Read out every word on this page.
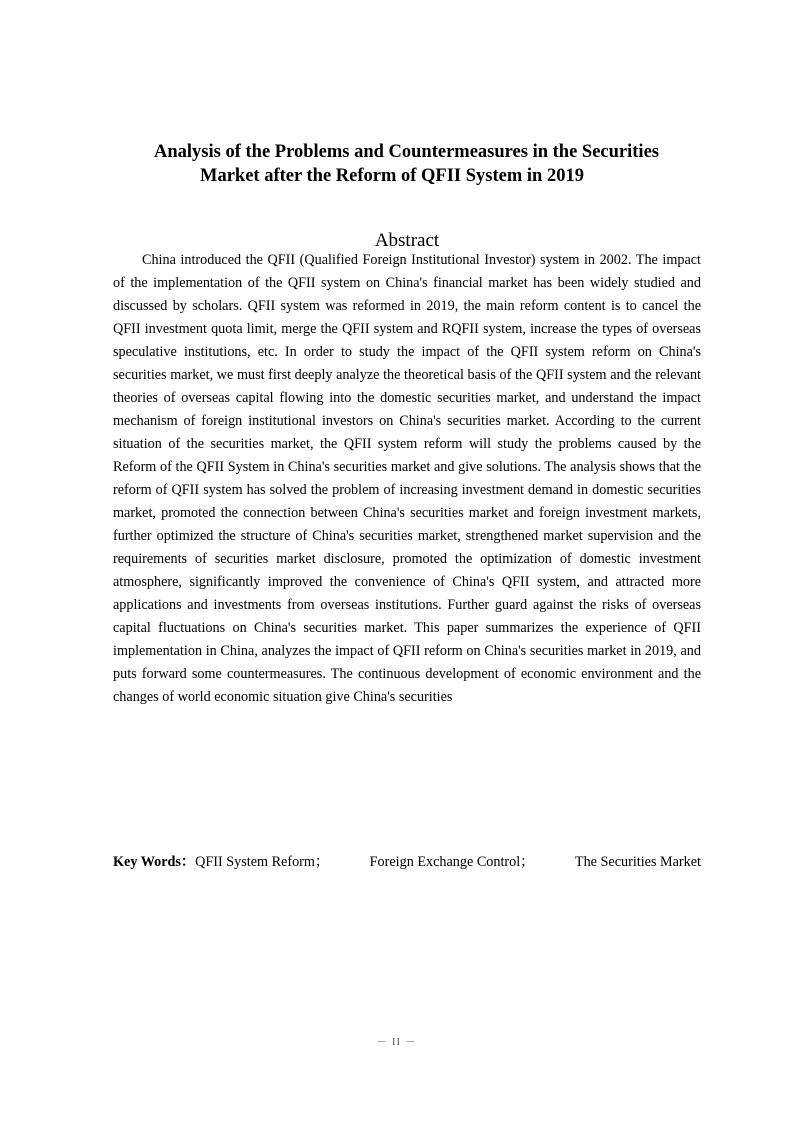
Analysis of the Problems and Countermeasures in the Securities
Market after the Reform of QFII System in 2019
Abstract

China introduced the QFII (Qualified Foreign Institutional Investor) system in 2002. The impact of the implementation of the QFII system on China's financial market has been widely studied and discussed by scholars. QFII system was reformed in 2019, the main reform content is to cancel the QFII investment quota limit, merge the QFII system and RQFII system, increase the types of overseas speculative institutions, etc. In order to study the impact of the QFII system reform on China's securities market, we must first deeply analyze the theoretical basis of the QFII system and the relevant theories of overseas capital flowing into the domestic securities market, and understand the impact mechanism of foreign institutional investors on China's securities market. According to the current situation of the securities market, the QFII system reform will study the problems caused by the Reform of the QFII System in China's securities market and give solutions. The analysis shows that the reform of QFII system has solved the problem of increasing investment demand in domestic securities market, promoted the connection between China's securities market and foreign investment markets, further optimized the structure of China's securities market, strengthened market supervision and the requirements of securities market disclosure, promoted the optimization of domestic investment atmosphere, significantly improved the convenience of China's QFII system, and attracted more applications and investments from overseas institutions. Further guard against the risks of overseas capital fluctuations on China's securities market. This paper summarizes the experience of QFII implementation in China, analyzes the impact of QFII reform on China's securities market in 2019, and puts forward some countermeasures. The continuous development of economic environment and the changes of world economic situation give China's securities

Key Words：QFII System Reform；	Foreign Exchange Control；	The Securities Market
－ II －
